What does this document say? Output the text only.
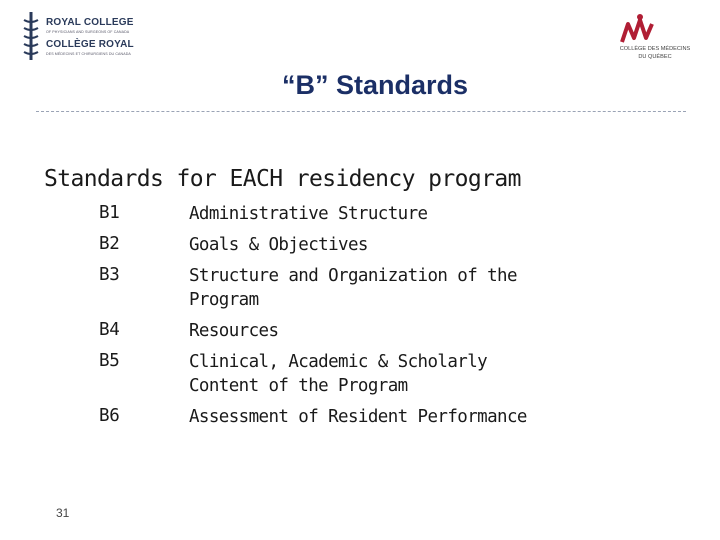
ROYAL COLLEGE
OF PHYSICIANS AND SURGEONS OF CANADA
COLLÈGE ROYAL
DES MÉDECINS ET CHIRURGIENS DU CANADA
COLLÈGE DES MÉDECINS
DU QUÉBEC
“B” Standards
Standards for EACH residency program
B1	Administrative Structure
B2	Goals & Objectives
B3	Structure and Organization of the
Program
B4	Resources
B5	Clinical, Academic & Scholarly
Content of the Program
B6	Assessment of Resident Performance
31
